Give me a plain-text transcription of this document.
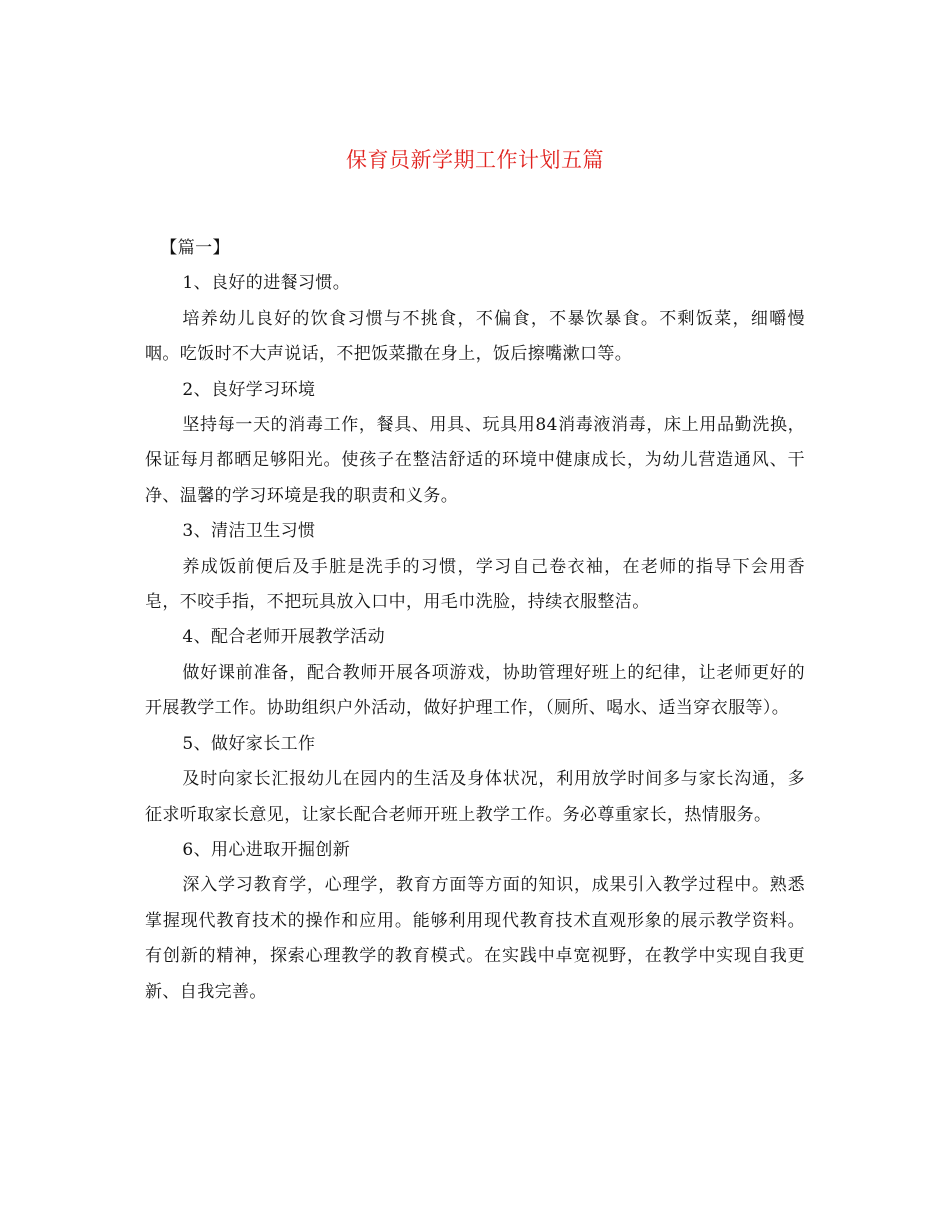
保育员新学期工作计划五篇

【篇一】

1、良好的进餐习惯。

培养幼儿良好的饮食习惯与不挑食，不偏食，不暴饮暴食。不剩饭菜，细嚼慢咽。吃饭时不大声说话，不把饭菜撒在身上，饭后擦嘴漱口等。

2、良好学习环境

坚持每一天的消毒工作，餐具、用具、玩具用84消毒液消毒，床上用品勤洗换，保证每月都晒足够阳光。使孩子在整洁舒适的环境中健康成长，为幼儿营造通风、干净、温馨的学习环境是我的职责和义务。

3、清洁卫生习惯

养成饭前便后及手脏是洗手的习惯，学习自己卷衣袖，在老师的指导下会用香皂，不咬手指，不把玩具放入口中，用毛巾洗脸，持续衣服整洁。

4、配合老师开展教学活动

做好课前准备，配合教师开展各项游戏，协助管理好班上的纪律，让老师更好的开展教学工作。协助组织户外活动，做好护理工作，（厕所、喝水、适当穿衣服等）。

5、做好家长工作

及时向家长汇报幼儿在园内的生活及身体状况，利用放学时间多与家长沟通，多征求听取家长意见，让家长配合老师开班上教学工作。务必尊重家长，热情服务。

6、用心进取开掘创新

深入学习教育学，心理学，教育方面等方面的知识，成果引入教学过程中。熟悉掌握现代教育技术的操作和应用。能够利用现代教育技术直观形象的展示教学资料。有创新的精神，探索心理教学的教育模式。在实践中卓宽视野，在教学中实现自我更新、自我完善。
